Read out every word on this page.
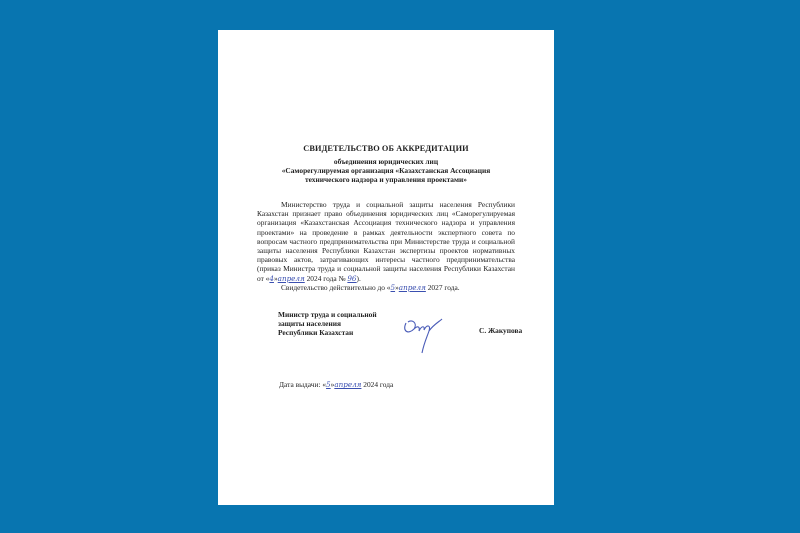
СВИДЕТЕЛЬСТВО ОБ АККРЕДИТАЦИИ
объединения юридических лиц
«Саморегулируемая организация «Казахстанская Ассоциация
технического надзора и управления проектами»

Министерство труда и социальной защиты населения Республики Казахстан признает право объединения юридических лиц «Саморегулируемая организация «Казахстанская Ассоциация технического надзора и управления проектами» на проведение в рамках деятельности экспертного совета по вопросам частного предпринимательства при Министерстве труда и социальной защиты населения Республики Казахстан экспертизы проектов нормативных правовых актов, затрагивающих интересы частного предпринимательства (приказ Министра труда и социальной защиты населения Республики Казахстан от «4»апреля 2024 года № 96).

Свидетельство действительно до «5»апреля 2027 года.

Министр труда и социальной
защиты населения
Республики Казахстан	С. Жакупова
Дата выдачи: «5»апреля 2024 года
